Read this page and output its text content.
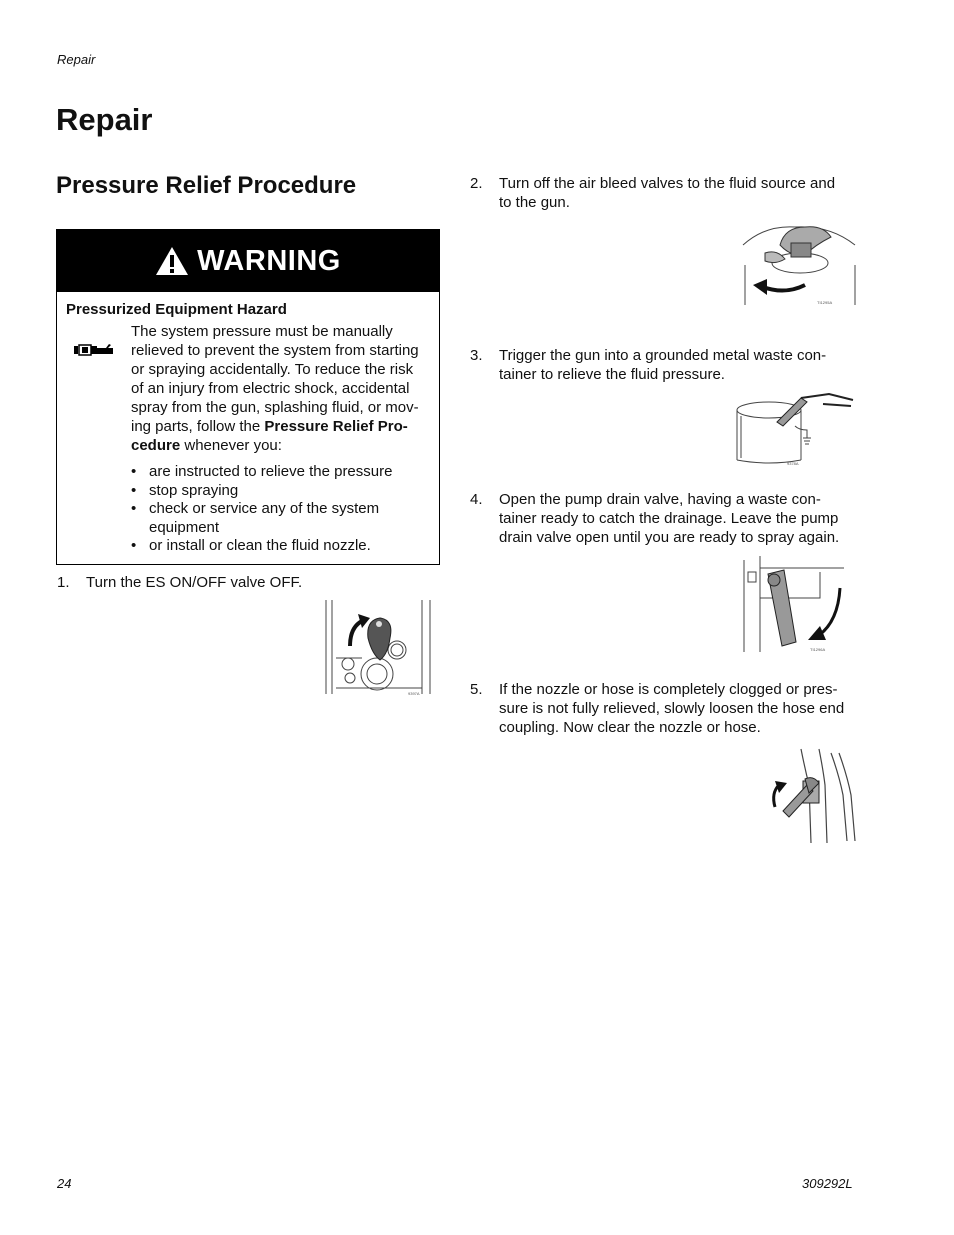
Repair
Repair
Pressure Relief Procedure
WARNING
Pressurized Equipment Hazard
The system pressure must be manually
relieved to prevent the system from starting
or spraying accidentally. To reduce the risk
of an injury from electric shock, accidental
spray from the gun, splashing fluid, or mov-
ing parts, follow the Pressure Relief Pro-
cedure whenever you:
• are instructed to relieve the pressure
• stop spraying
• check or service any of the system
equipment
• or install or clean the fluid nozzle.
1. Turn the ES ON/OFF valve OFF.
9397A
2. Turn off the air bleed valves to the fluid source and
to the gun.
TI1295A
3. Trigger the gun into a grounded metal waste con-
tainer to relieve the fluid pressure.
9378A
4. Open the pump drain valve, having a waste con-
tainer ready to catch the drainage. Leave the pump
drain valve open until you are ready to spray again.
TI1296A
5. If the nozzle or hose is completely clogged or pres-
sure is not fully relieved, slowly loosen the hose end
coupling. Now clear the nozzle or hose.
24	309292L
